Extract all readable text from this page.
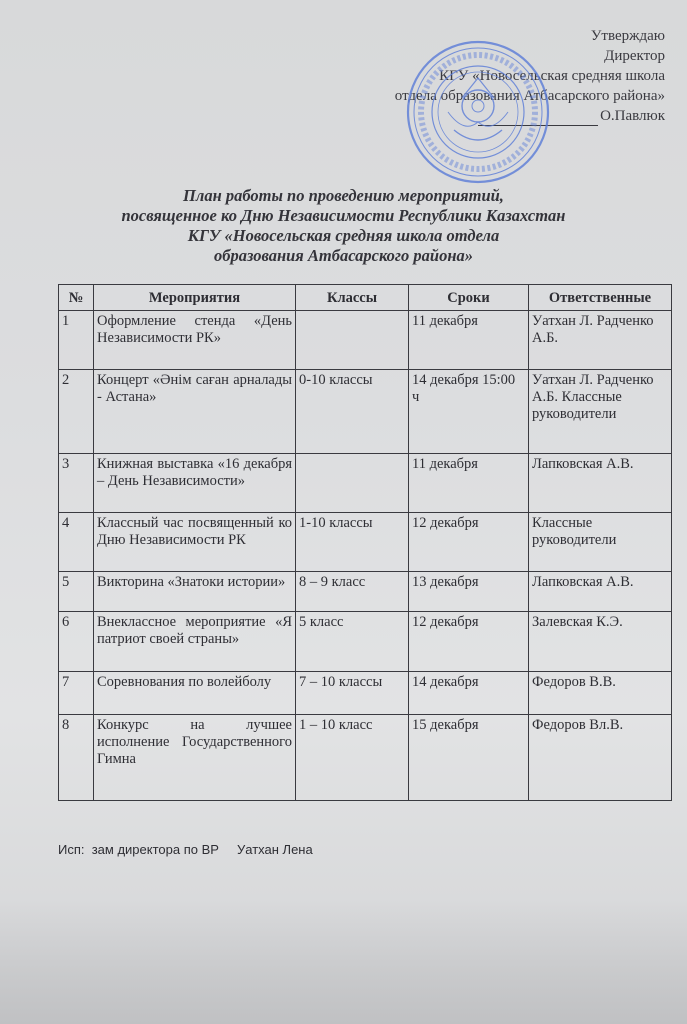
Утверждаю
Директор
КГУ «Новосельская средняя школа
отдела образования Атбасарского района»
О.Павлюк
План работы по проведению мероприятий,
посвященное ко Дню Независимости Республики Казахстан
КГУ «Новосельская средняя школа отдела
образования Атбасарского района»
№	Мероприятия	Классы	Сроки	Ответственные
1	Оформление стенда «День Независимости РК»		11 декабря	Уатхан Л. Радченко А.Б.
2	Концерт «Әнім саған арналады - Астана»	0-10 классы	14 декабря 15:00 ч	Уатхан Л. Радченко А.Б. Классные руководители
3	Книжная выставка «16 декабря – День Независимости»		11 декабря	Лапковская А.В.
4	Классный час посвященный ко Дню Независимости РК	1-10 классы	12 декабря	Классные руководители
5	Викторина «Знатоки истории»	8 – 9 класс	13 декабря	Лапковская А.В.
6	Внеклассное мероприятие «Я патриот своей страны»	5 класс	12 декабря	Залевская К.Э.
7	Соревнования по волейболу	7 – 10 классы	14 декабря	Федоров В.В.
8	Конкурс на лучшее исполнение Государственного Гимна	1 – 10 класс	15 декабря	Федоров Вл.В.
Исп:  зам директора по ВР Уатхан Лена
